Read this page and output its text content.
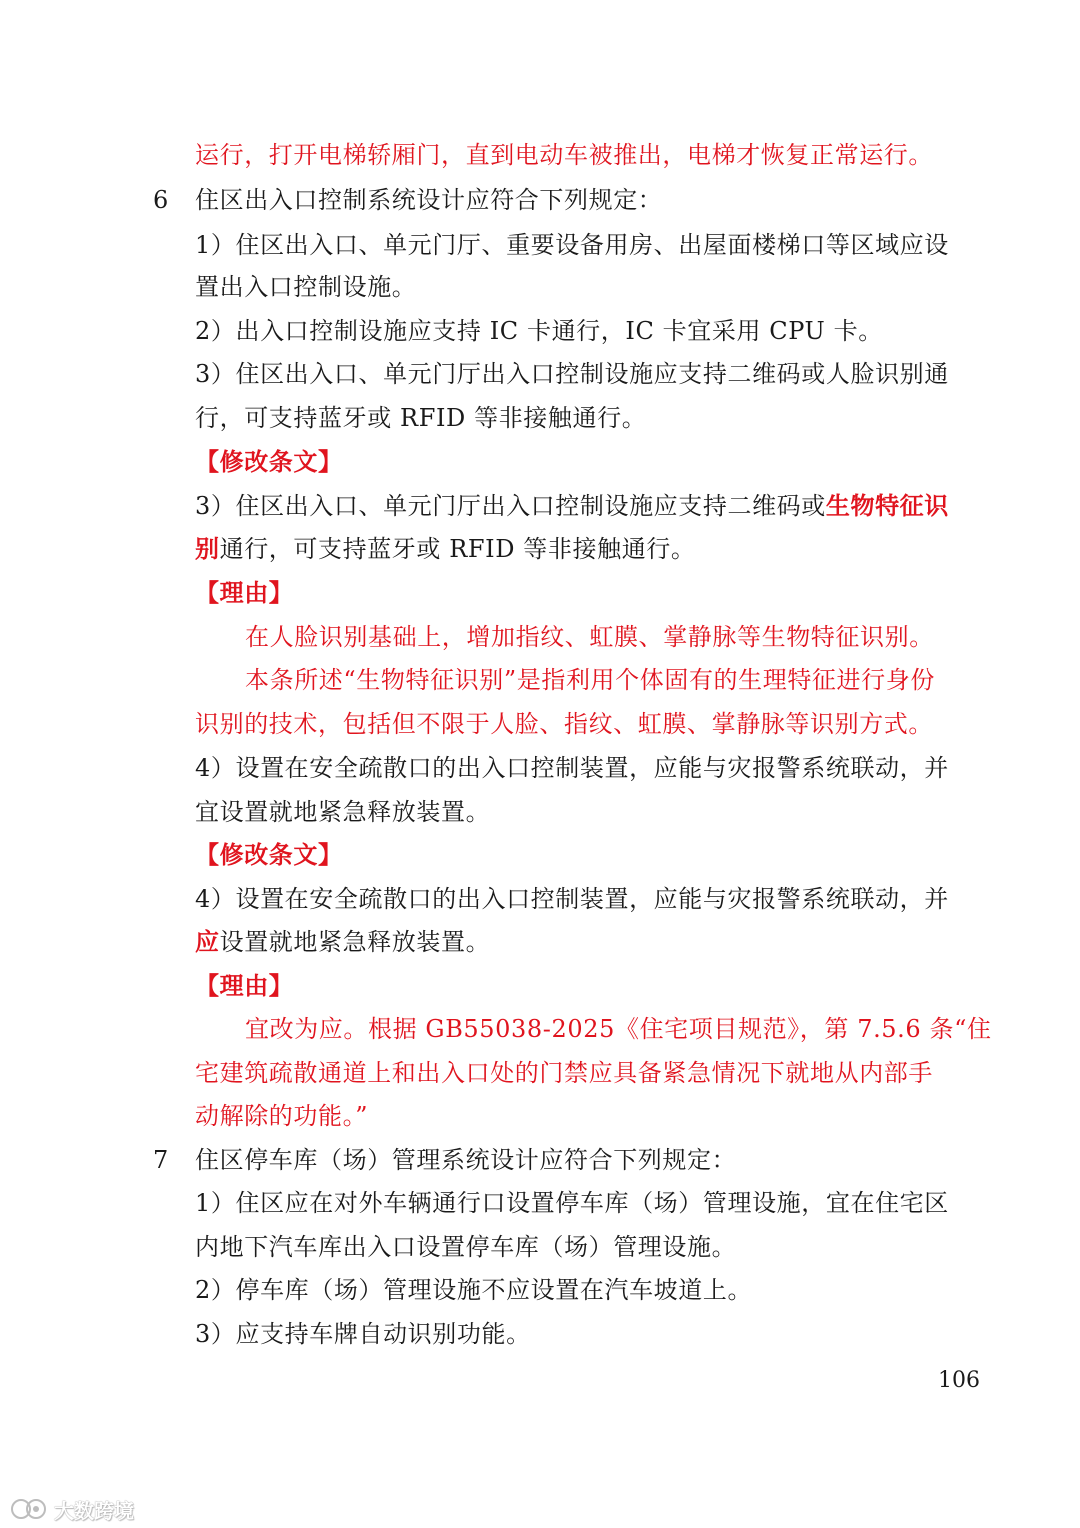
运行，打开电梯轿厢门，直到电动车被推出，电梯才恢复正常运行。
6 住区出入口控制系统设计应符合下列规定：
1）住区出入口、单元门厅、重要设备用房、出屋面楼梯口等区域应设
置出入口控制设施。
2）出入口控制设施应支持 IC 卡通行，IC 卡宜采用 CPU 卡。
3）住区出入口、单元门厅出入口控制设施应支持二维码或人脸识别通
行，可支持蓝牙或 RFID 等非接触通行。
【修改条文】
3）住区出入口、单元门厅出入口控制设施应支持二维码或生物特征识
别通行，可支持蓝牙或 RFID 等非接触通行。
【理由】
在人脸识别基础上，增加指纹、虹膜、掌静脉等生物特征识别。
本条所述“生物特征识别”是指利用个体固有的生理特征进行身份
识别的技术，包括但不限于人脸、指纹、虹膜、掌静脉等识别方式。
4）设置在安全疏散口的出入口控制装置，应能与灾报警系统联动，并
宜设置就地紧急释放装置。
【修改条文】
4）设置在安全疏散口的出入口控制装置，应能与灾报警系统联动，并
应设置就地紧急释放装置。
【理由】
宜改为应。根据 GB55038-2025《住宅项目规范》，第 7.5.6 条“住
宅建筑疏散通道上和出入口处的门禁应具备紧急情况下就地从内部手
动解除的功能。”
7 住区停车库（场）管理系统设计应符合下列规定：
1）住区应在对外车辆通行口设置停车库（场）管理设施，宜在住宅区
内地下汽车库出入口设置停车库（场）管理设施。
2）停车库（场）管理设施不应设置在汽车坡道上。
3）应支持车牌自动识别功能。
106
大数跨境
